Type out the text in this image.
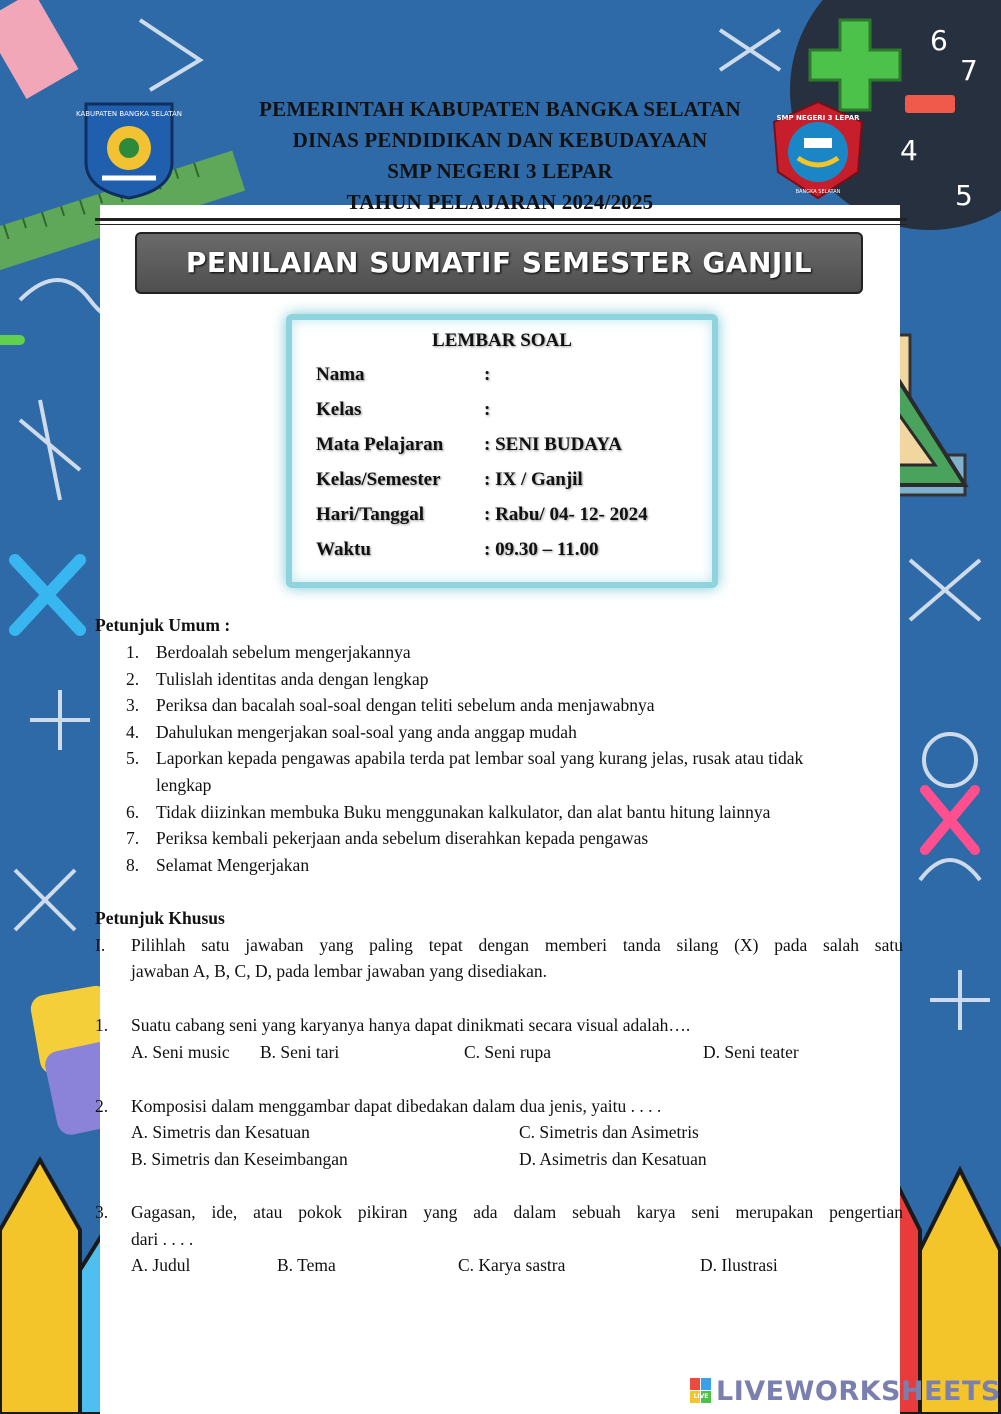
6
7
4
5
KABUPATEN BANGKA SELATAN	SMP NEGERI 3 LEPAR
BANGKA SELATAN
PEMERINTAH KABUPATEN BANGKA SELATAN
DINAS PENDIDIKAN DAN KEBUDAYAAN
SMP NEGERI 3 LEPAR
TAHUN PELAJARAN 2024/2025
PENILAIAN SUMATIF SEMESTER GANJIL
LEMBAR SOAL
Nama	:
Kelas	:
Mata Pelajaran : SENI BUDAYA
Kelas/Semester : IX / Ganjil
Hari/Tanggal	: Rabu/ 04- 12- 2024
Waktu	: 09.30 – 11.00
Petunjuk Umum :
1. Berdoalah sebelum mengerjakannya
2. Tulislah identitas anda dengan lengkap
3. Periksa dan bacalah soal-soal dengan teliti sebelum anda menjawabnya
4. Dahulukan mengerjakan soal-soal yang anda anggap mudah
5. Laporkan kepada pengawas apabila terda pat lembar soal yang kurang jelas, rusak atau tidak
lengkap
6. Tidak diizinkan membuka Buku menggunakan kalkulator, dan alat bantu hitung lainnya
7. Periksa kembali pekerjaan anda sebelum diserahkan kepada pengawas
8. Selamat Mengerjakan
Petunjuk Khusus
I. Pilihlah satu jawaban yang paling tepat dengan memberi tanda silang (X) pada salah satu
jawaban A, B, C, D, pada lembar jawaban yang disediakan.
1. Suatu cabang seni yang karyanya hanya dapat dinikmati secara visual adalah….
A. Seni music B. Seni tari	C. Seni rupa	D. Seni teater
2. Komposisi dalam menggambar dapat dibedakan dalam dua jenis, yaitu . . . .
A. Simetris dan Kesatuan	C. Simetris dan Asimetris
B. Simetris dan Keseimbangan	D. Asimetris dan Kesatuan
3. Gagasan, ide, atau pokok pikiran yang ada dalam sebuah karya seni merupakan pengertian
dari . . . .
A. Judul	B. Tema	C. Karya sastra	D. Ilustrasi
LIVE LIVEWORKSHEETS
